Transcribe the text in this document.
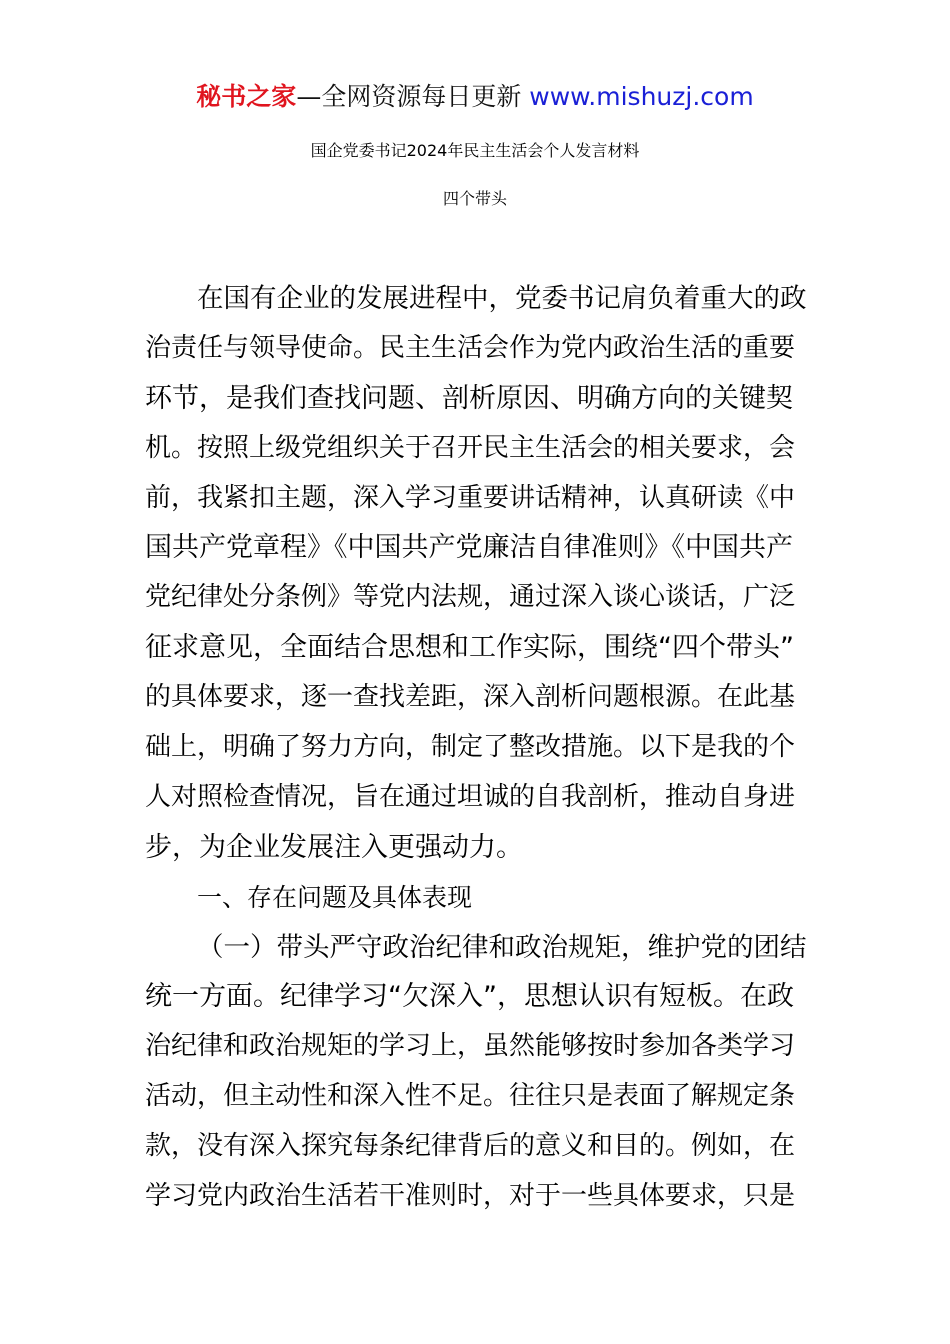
秘书之家—全网资源每日更新 www.mishuzj.com
国企党委书记2024年民主生活会个人发言材料
四个带头
在国有企业的发展进程中，党委书记肩负着重大的政
治责任与领导使命。民主生活会作为党内政治生活的重要
环节，是我们查找问题、剖析原因、明确方向的关键契
机。按照上级党组织关于召开民主生活会的相关要求，会
前，我紧扣主题，深入学习重要讲话精神，认真研读《中
国共产党章程》《中国共产党廉洁自律准则》《中国共产
党纪律处分条例》等党内法规，通过深入谈心谈话，广泛
征求意见，全面结合思想和工作实际，围绕“四个带头”
的具体要求，逐一查找差距，深入剖析问题根源。在此基
础上，明确了努力方向，制定了整改措施。以下是我的个
人对照检查情况，旨在通过坦诚的自我剖析，推动自身进
步，为企业发展注入更强动力。
一、存在问题及具体表现
（一）带头严守政治纪律和政治规矩，维护党的团结
统一方面。纪律学习“欠深入”，思想认识有短板。在政
治纪律和政治规矩的学习上，虽然能够按时参加各类学习
活动，但主动性和深入性不足。往往只是表面了解规定条
款，没有深入探究每条纪律背后的意义和目的。例如，在
学习党内政治生活若干准则时，对于一些具体要求，只是
